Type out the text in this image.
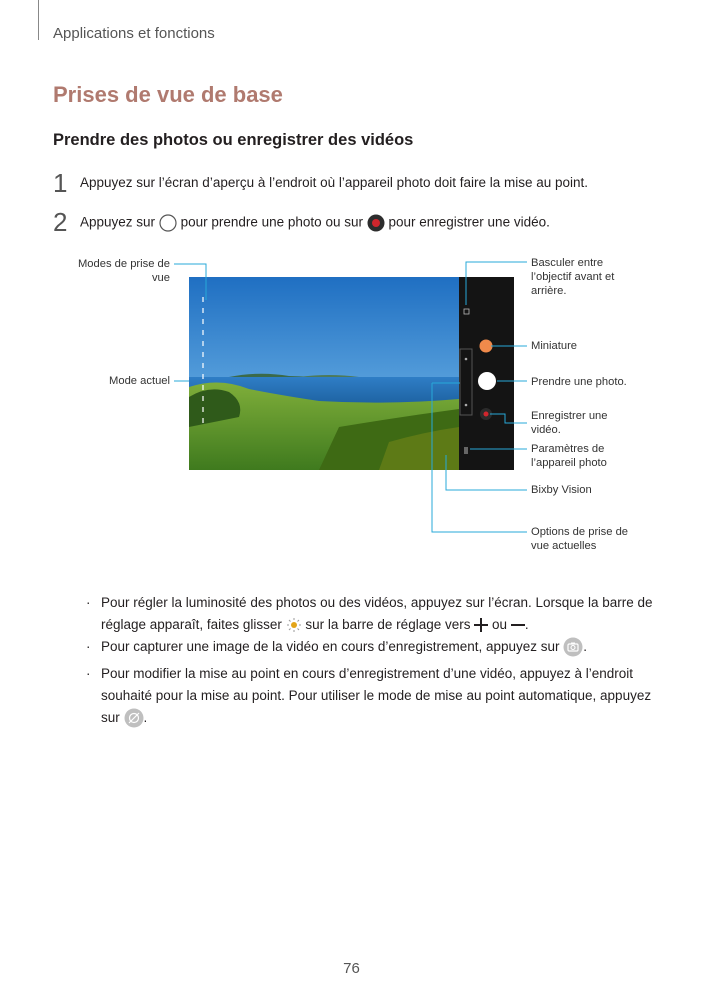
Applications et fonctions
Prises de vue de base
Prendre des photos ou enregistrer des vidéos
1 Appuyez sur l’écran d’aperçu à l’endroit où l’appareil photo doit faire la mise au point.
2 Appuyez sur pour prendre une photo ou sur pour enregistrer une vidéo.
Modes de prise de
vue
Mode actuel
Basculer entre
l’objectif avant et
arrière.
Miniature
Prendre une photo.
Enregistrer une
vidéo.
Paramètres de
l’appareil photo
Bixby Vision
Options de prise de
vue actuelles
· Pour régler la luminosité des photos ou des vidéos, appuyez sur l’écran. Lorsque la barre de
réglage apparaît, faites glisser sur la barre de réglage vers ou .
· Pour capturer une image de la vidéo en cours d’enregistrement, appuyez sur .
· Pour modifier la mise au point en cours d’enregistrement d’une vidéo, appuyez à l’endroit
souhaité pour la mise au point. Pour utiliser le mode de mise au point automatique, appuyez
sur .
76
